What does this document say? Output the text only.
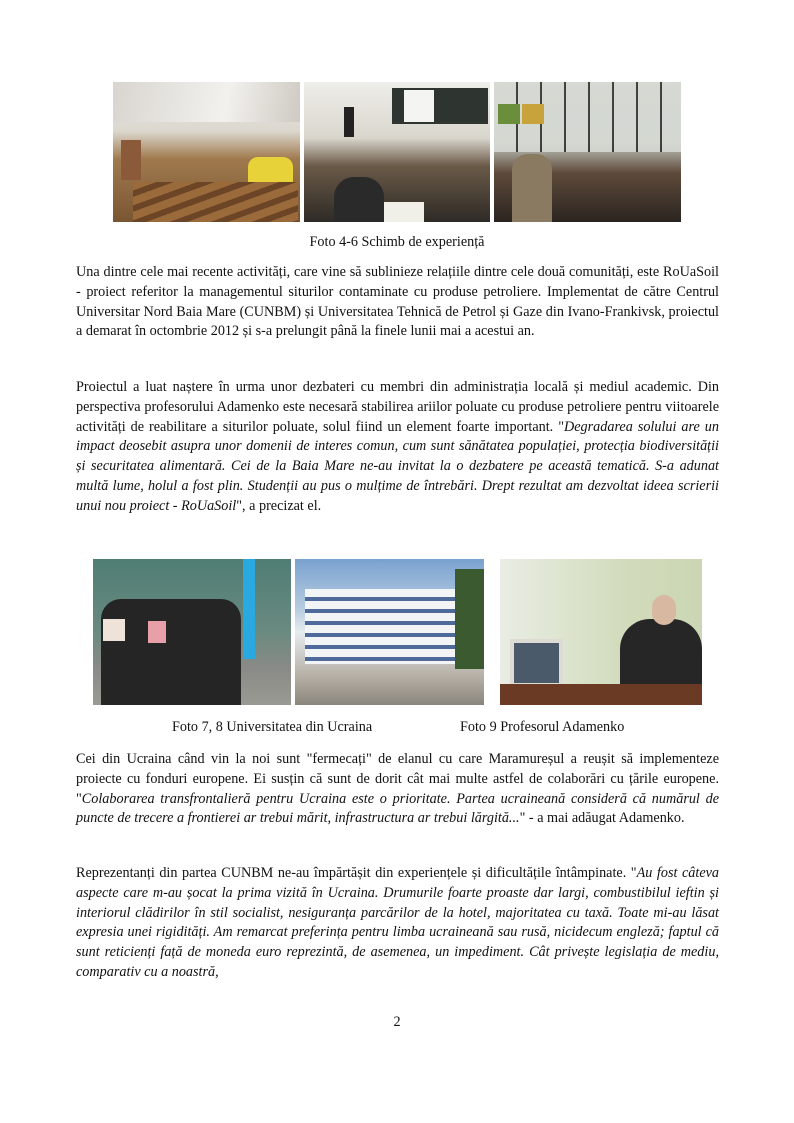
Foto 4-6 Schimb de experiență

Una dintre cele mai recente activități, care vine să sublinieze relațiile dintre cele două comunități, este RoUaSoil - proiect referitor la managementul siturilor contaminate cu produse petroliere. Implementat de către Centrul Universitar Nord Baia Mare (CUNBM) și Universitatea Tehnică de Petrol și Gaze din Ivano-Frankivsk, proiectul a demarat în octombrie 2012 și s-a prelungit până la finele lunii mai a acestui an.

Proiectul a luat naștere în urma unor dezbateri cu membri din administrația locală și mediul academic. Din perspectiva profesorului Adamenko este necesară stabilirea ariilor poluate cu produse petroliere pentru viitoarele activități de reabilitare a siturilor poluate, solul fiind un element foarte important. "Degradarea solului are un impact deosebit asupra unor domenii de interes comun, cum sunt sănătatea populației, protecția biodiversității și securitatea alimentară. Cei de la Baia Mare ne-au invitat la o dezbatere pe această tematică. S-a adunat multă lume, holul a fost plin. Studenții au pus o mulțime de întrebări. Drept rezultat am dezvoltat ideea scrierii unui nou proiect - RoUaSoil", a precizat el.

Foto 7, 8 Universitatea din Ucraina	Foto 9 Profesorul Adamenko

Cei din Ucraina când vin la noi sunt "fermecați" de elanul cu care Maramureșul a reușit să implementeze proiecte cu fonduri europene. Ei susțin că sunt de dorit cât mai multe astfel de colaborări cu țările europene. "Colaborarea transfrontalieră pentru Ucraina este o prioritate. Partea ucraineană consideră că numărul de puncte de trecere a frontierei ar trebui mărit, infrastructura ar trebui lărgită..." - a mai adăugat Adamenko.

Reprezentanți din partea CUNBM ne-au împărtășit din experiențele și dificultățile întâmpinate. "Au fost câteva aspecte care m-au șocat la prima vizită în Ucraina. Drumurile foarte proaste dar largi, combustibilul ieftin și interiorul clădirilor în stil socialist, nesiguranța parcărilor de la hotel, majoritatea cu taxă. Toate mi-au lăsat expresia unei rigidități. Am remarcat preferința pentru limba ucraineană sau rusă, nicidecum engleză; faptul că sunt reticienți față de moneda euro reprezintă, de asemenea, un impediment. Cât privește legislația de mediu, comparativ cu a noastră,

2
